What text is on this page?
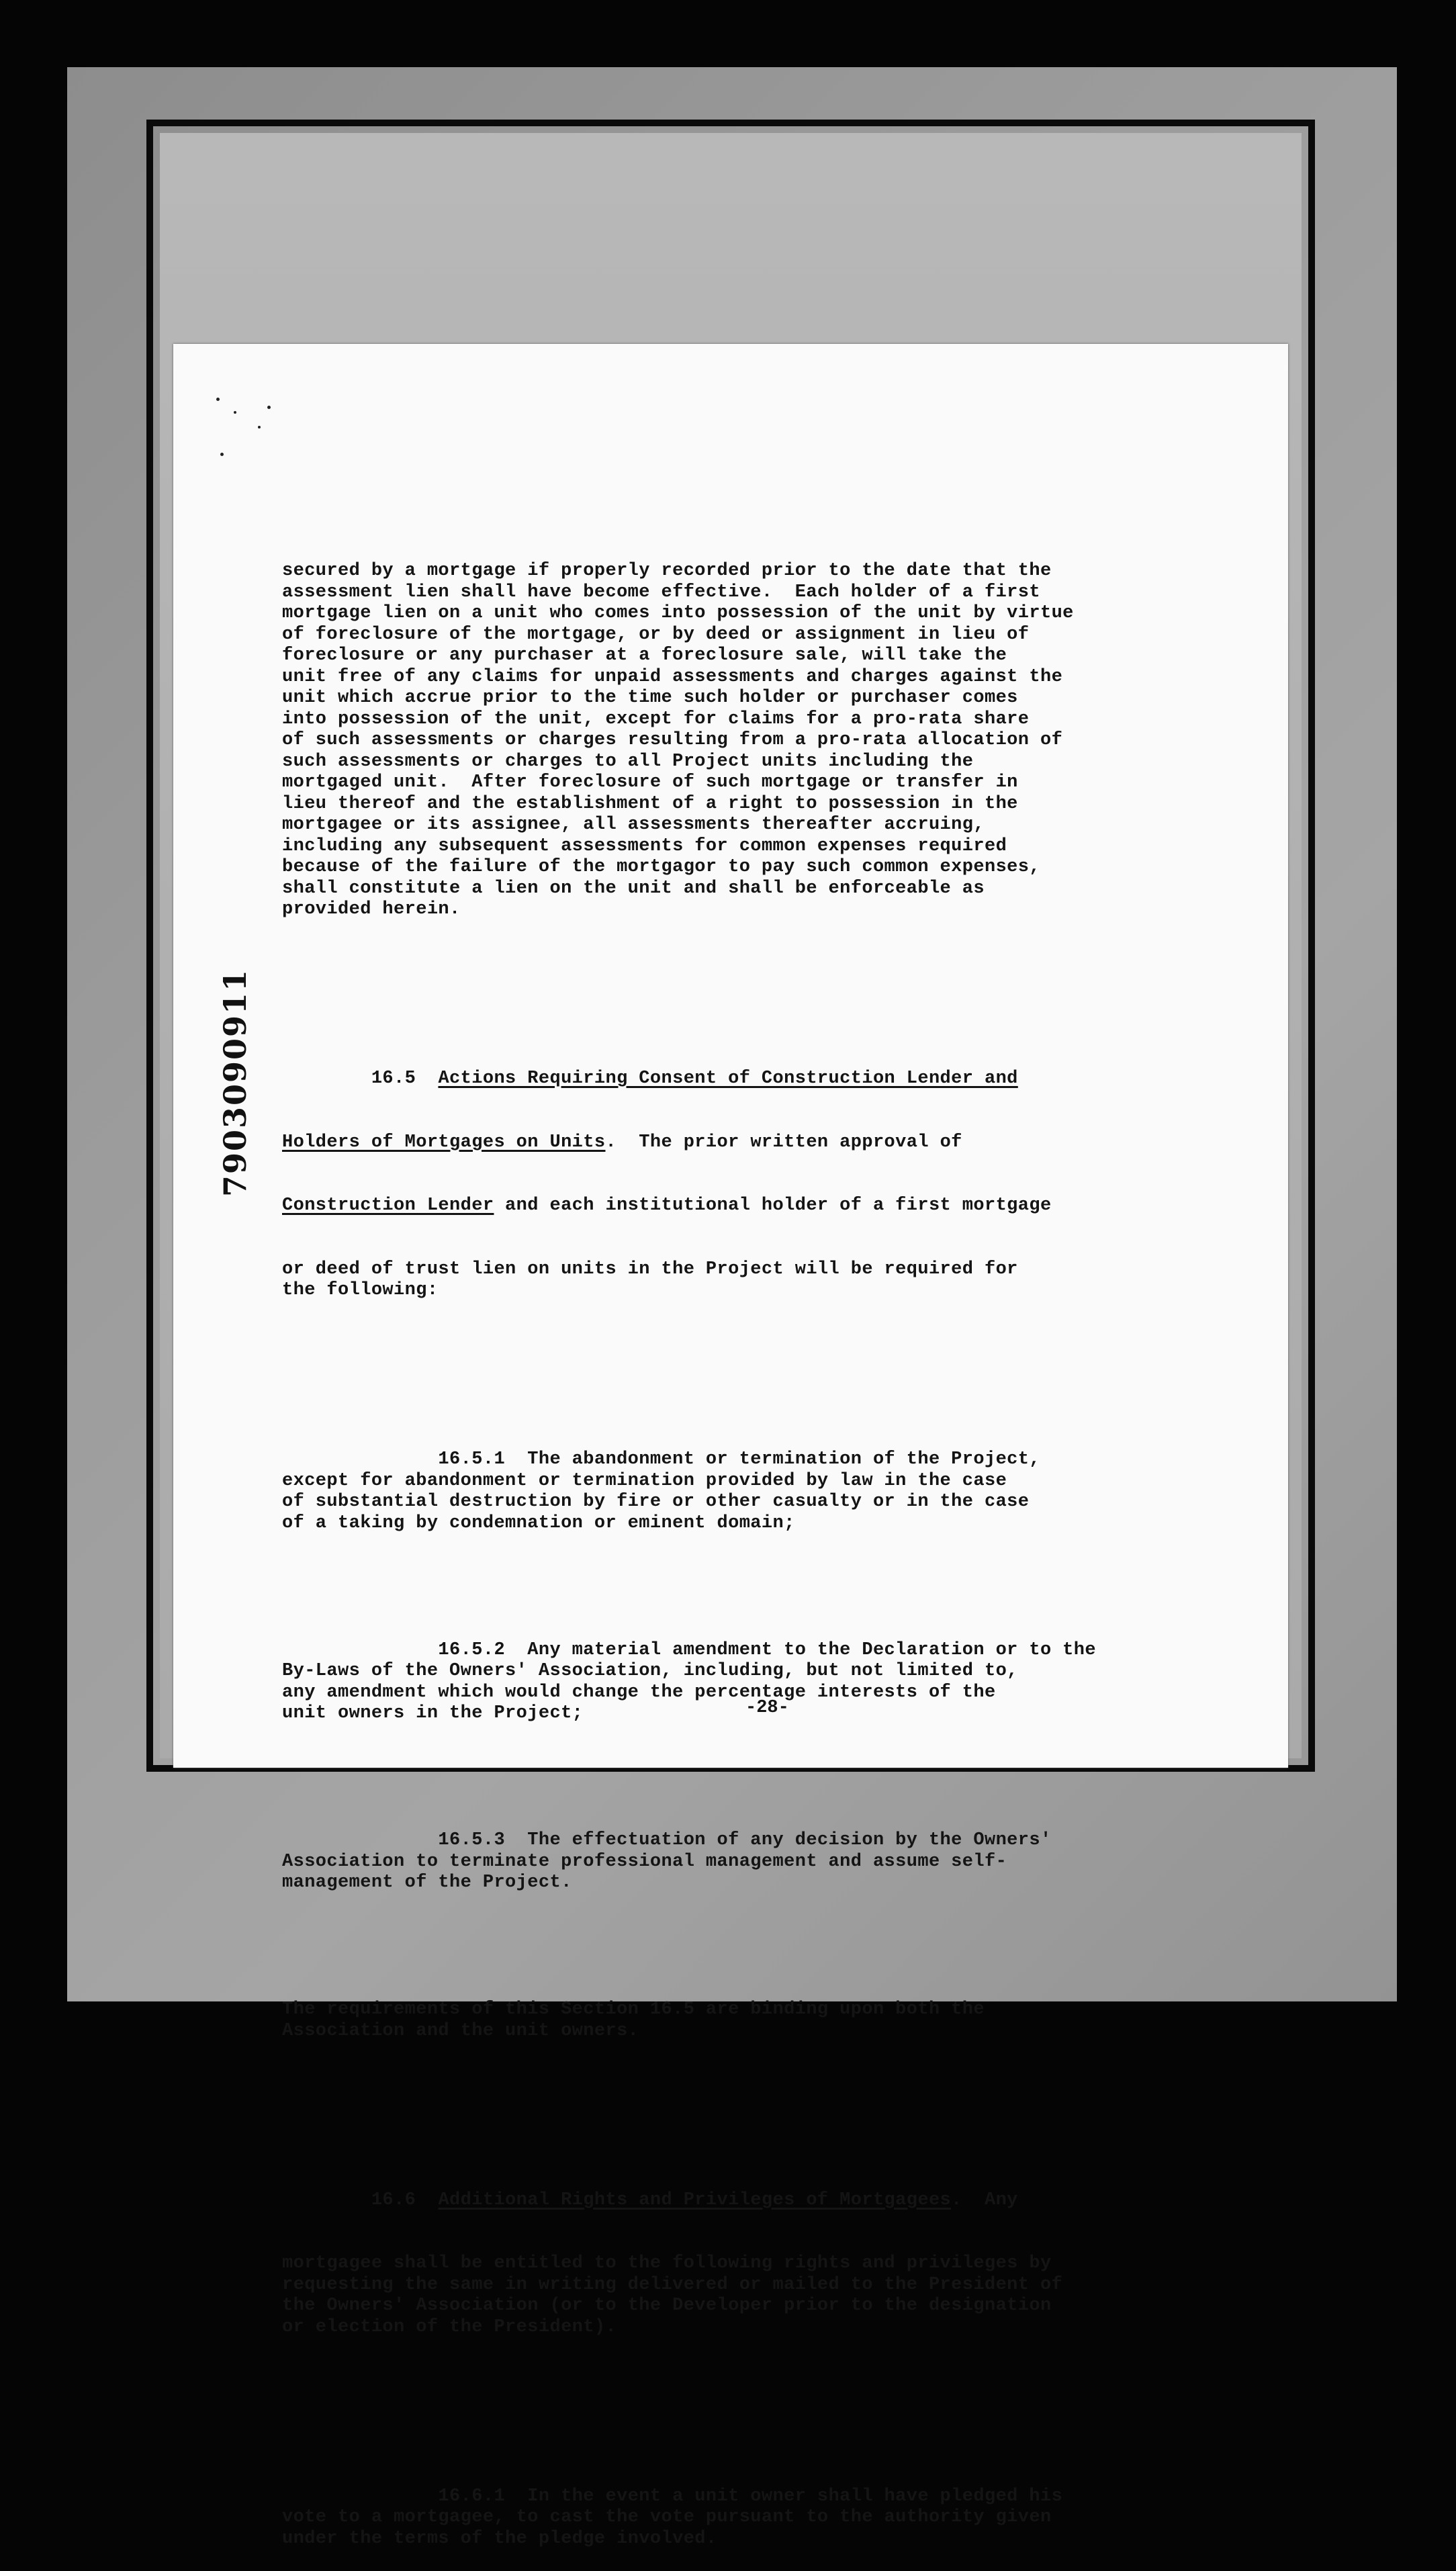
7903090911

secured by a mortgage if properly recorded prior to the date that the
assessment lien shall have become effective.  Each holder of a first
mortgage lien on a unit who comes into possession of the unit by virtue
of foreclosure of the mortgage, or by deed or assignment in lieu of
foreclosure or any purchaser at a foreclosure sale, will take the
unit free of any claims for unpaid assessments and charges against the
unit which accrue prior to the time such holder or purchaser comes
into possession of the unit, except for claims for a pro-rata share
of such assessments or charges resulting from a pro-rata allocation of
such assessments or charges to all Project units including the
mortgaged unit.  After foreclosure of such mortgage or transfer in
lieu thereof and the establishment of a right to possession in the
mortgagee or its assignee, all assessments thereafter accruing,
including any subsequent assessments for common expenses required
because of the failure of the mortgagor to pay such common expenses,
shall constitute a lien on the unit and shall be enforceable as
provided herein.

16.5  Actions Requiring Consent of Construction Lender and

Holders of Mortgages on Units.  The prior written approval of

Construction Lender and each institutional holder of a first mortgage

or deed of trust lien on units in the Project will be required for
the following:

16.5.1  The abandonment or termination of the Project,
except for abandonment or termination provided by law in the case
of substantial destruction by fire or other casualty or in the case
of a taking by condemnation or eminent domain;

16.5.2  Any material amendment to the Declaration or to the
By-Laws of the Owners' Association, including, but not limited to,
any amendment which would change the percentage interests of the
unit owners in the Project;

16.5.3  The effectuation of any decision by the Owners'
Association to terminate professional management and assume self-
management of the Project.

The requirements of this Section 16.5 are binding upon both the
Association and the unit owners.

16.6  Additional Rights and Privileges of Mortgagees.  Any

mortgagee shall be entitled to the following rights and privileges by
requesting the same in writing delivered or mailed to the President of
the Owners' Association (or to the Developer prior to the designation
or election of the President).

16.6.1  In the event a unit owner shall have pledged his
vote to a mortgagee, to cast the vote pursuant to the authority given
under the terms of the pledge involved.

-28-
